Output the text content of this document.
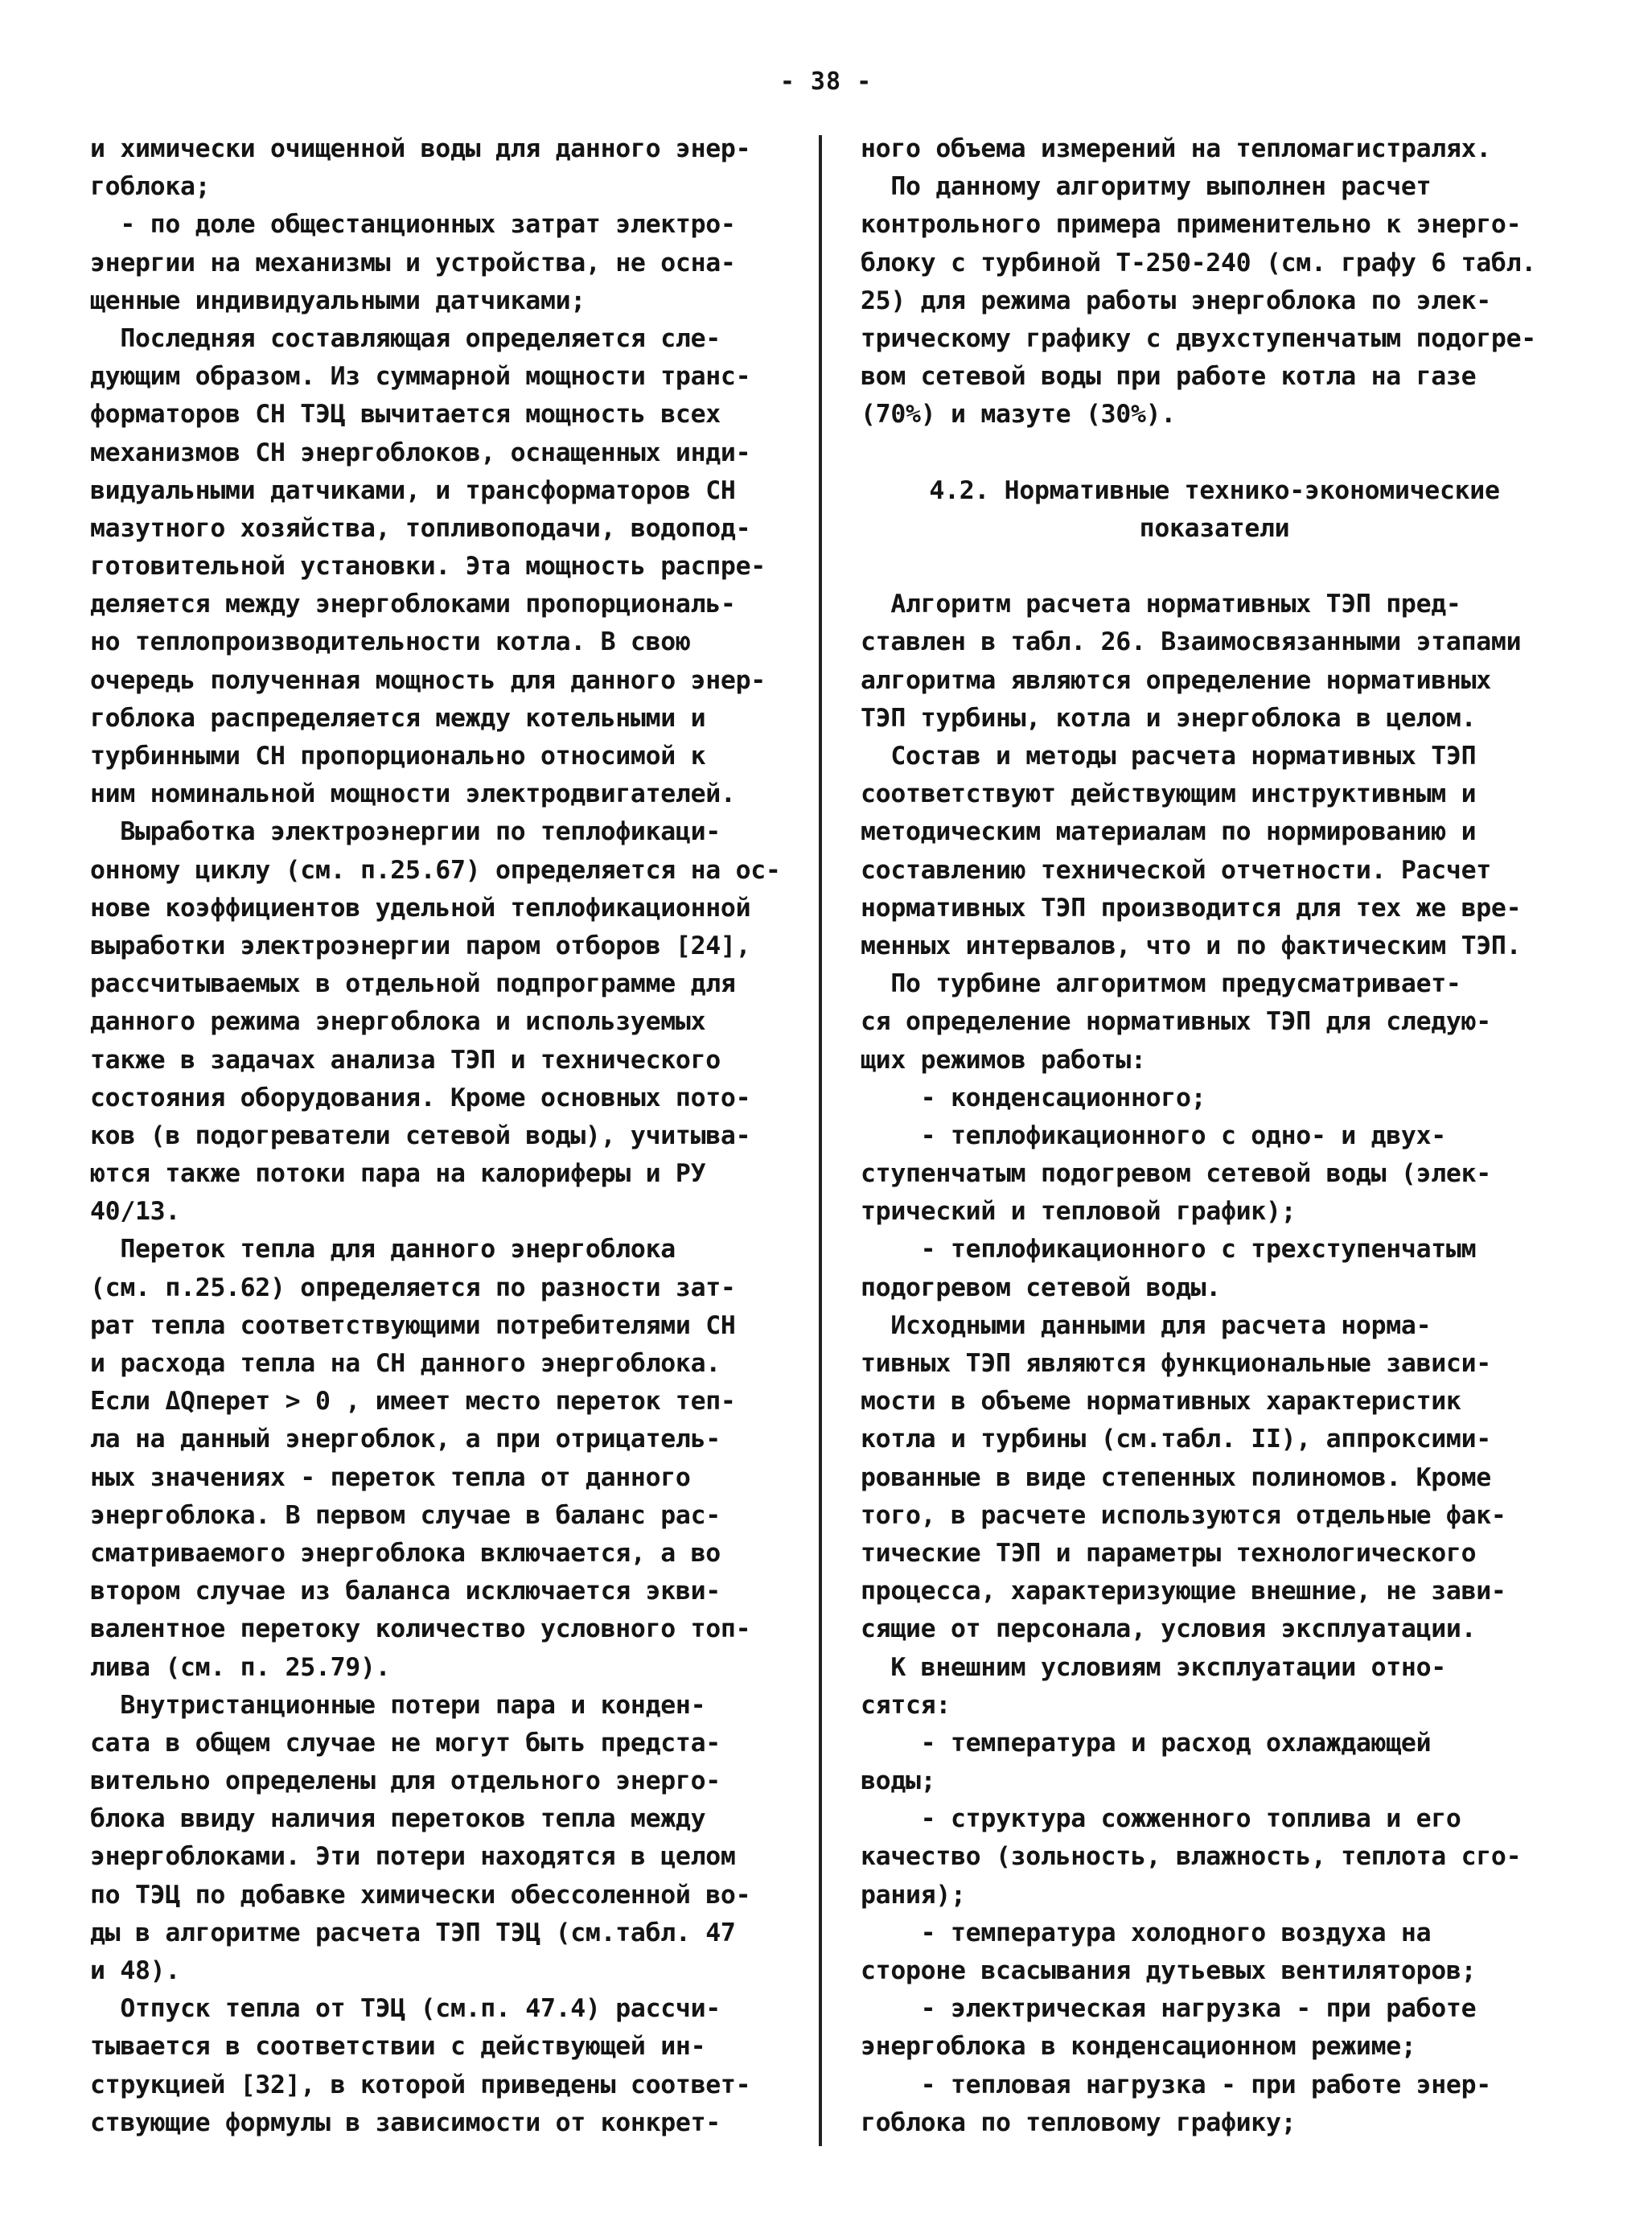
- 38 -
и химически очищенной воды для данного энер-
гоблока;
- по доле общестанционных затрат электро-
энергии на механизмы и устройства, не осна-
щенные индивидуальными датчиками;
Последняя составляющая определяется сле-
дующим образом. Из суммарной мощности транс-
форматоров СН ТЭЦ вычитается мощность всех
механизмов СН энергоблоков, оснащенных инди-
видуальными датчиками, и трансформаторов СН
мазутного хозяйства, топливоподачи, водопод-
готовительной установки. Эта мощность распре-
деляется между энергоблоками пропорциональ-
но теплопроизводительности котла. В свою
очередь полученная мощность для данного энер-
гоблока распределяется между котельными и
турбинными СН пропорционально относимой к
ним номинальной мощности электродвигателей.
Выработка электроэнергии по теплофикаци-
онному циклу (см. п.25.67) определяется на ос-
нове коэффициентов удельной теплофикационной
выработки электроэнергии паром отборов [24],
рассчитываемых в отдельной подпрограмме для
данного режима энергоблока и используемых
также в задачах анализа ТЭП и технического
состояния оборудования. Кроме основных пото-
ков (в подогреватели сетевой воды), учитыва-
ются также потоки пара на калориферы и РУ
40/13.
Переток тепла для данного энергоблока
(см. п.25.62) определяется по разности зат-
рат тепла соответствующими потребителями СН
и расхода тепла на СН данного энергоблока.
Если ΔQперет > 0 , имеет место переток теп-
ла на данный энергоблок, а при отрицатель-
ных значениях - переток тепла от данного
энергоблока. В первом случае в баланс рас-
сматриваемого энергоблока включается, а во
втором случае из баланса исключается экви-
валентное перетоку количество условного топ-
лива (см. п. 25.79).
Внутристанционные потери пара и конден-
сата в общем случае не могут быть предста-
вительно определены для отдельного энерго-
блока ввиду наличия перетоков тепла между
энергоблоками. Эти потери находятся в целом
по ТЭЦ по добавке химически обессоленной во-
ды в алгоритме расчета ТЭП ТЭЦ (см.табл. 47
и 48).
Отпуск тепла от ТЭЦ (см.п. 47.4) рассчи-
тывается в соответствии с действующей ин-
струкцией [32], в которой приведены соответ-
ствующие формулы в зависимости от конкрет-
ного объема измерений на тепломагистралях.
По данному алгоритму выполнен расчет
контрольного примера применительно к энерго-
блоку с турбиной Т-250-240 (см. графу 6 табл.
25) для режима работы энергоблока по элек-
трическому графику с двухступенчатым подогре-
вом сетевой воды при работе котла на газе
(70%) и мазуте (30%).
4.2. Нормативные технико-экономические
показатели
Алгоритм расчета нормативных ТЭП пред-
ставлен в табл. 26. Взаимосвязанными этапами
алгоритма являются определение нормативных
ТЭП турбины, котла и энергоблока в целом.
Состав и методы расчета нормативных ТЭП
соответствуют действующим инструктивным и
методическим материалам по нормированию и
составлению технической отчетности. Расчет
нормативных ТЭП производится для тех же вре-
менных интервалов, что и по фактическим ТЭП.
По турбине алгоритмом предусматривает-
ся определение нормативных ТЭП для следую-
щих режимов работы:
- конденсационного;
- теплофикационного с одно- и двух-
ступенчатым подогревом сетевой воды (элек-
трический и тепловой график);
- теплофикационного с трехступенчатым
подогревом сетевой воды.
Исходными данными для расчета норма-
тивных ТЭП являются функциональные зависи-
мости в объеме нормативных характеристик
котла и турбины (см.табл. II), аппроксими-
рованные в виде степенных полиномов. Кроме
того, в расчете используются отдельные фак-
тические ТЭП и параметры технологического
процесса, характеризующие внешние, не зави-
сящие от персонала, условия эксплуатации.
К внешним условиям эксплуатации отно-
сятся:
- температура и расход охлаждающей
воды;
- структура сожженного топлива и его
качество (зольность, влажность, теплота сго-
рания);
- температура холодного воздуха на
стороне всасывания дутьевых вентиляторов;
- электрическая нагрузка - при работе
энергоблока в конденсационном режиме;
- тепловая нагрузка - при работе энер-
гоблока по тепловому графику;
